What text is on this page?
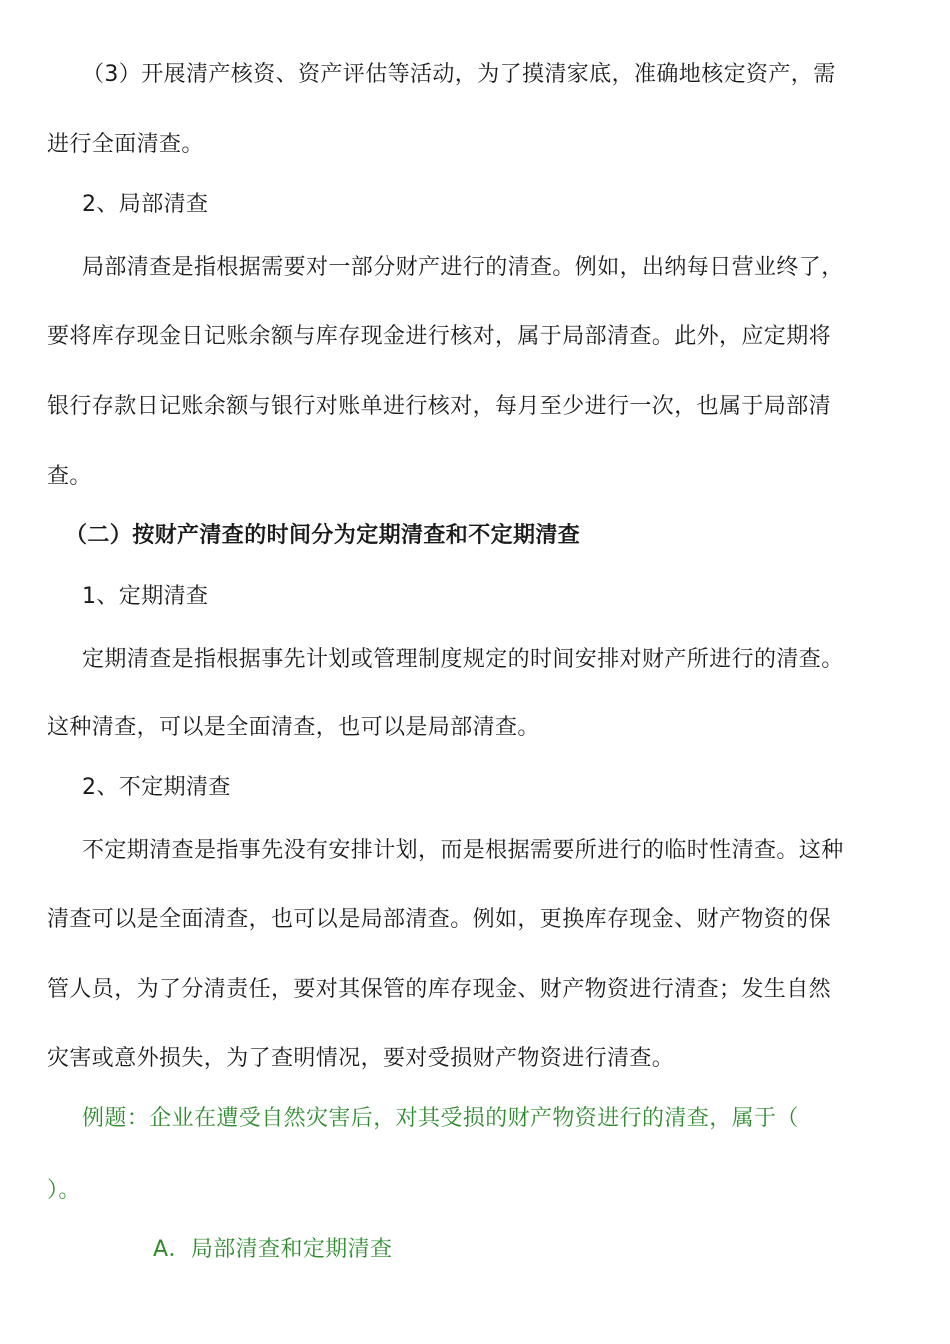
（3）开展清产核资、资产评估等活动，为了摸清家底，准确地核定资产，需
进行全面清查。
2、局部清查
局部清查是指根据需要对一部分财产进行的清查。例如，出纳每日营业终了，
要将库存现金日记账余额与库存现金进行核对，属于局部清查。此外，应定期将
银行存款日记账余额与银行对账单进行核对，每月至少进行一次，也属于局部清
查。
（二）按财产清查的时间分为定期清查和不定期清查
1、定期清查
定期清查是指根据事先计划或管理制度规定的时间安排对财产所进行的清查。
这种清查，可以是全面清查，也可以是局部清查。
2、不定期清查
不定期清查是指事先没有安排计划，而是根据需要所进行的临时性清查。这种
清查可以是全面清查，也可以是局部清查。例如，更换库存现金、财产物资的保
管人员，为了分清责任，要对其保管的库存现金、财产物资进行清查；发生自然
灾害或意外损失，为了查明情况，要对受损财产物资进行清查。
例题：企业在遭受自然灾害后，对其受损的财产物资进行的清查，属于（
）。
A．局部清查和定期清查
